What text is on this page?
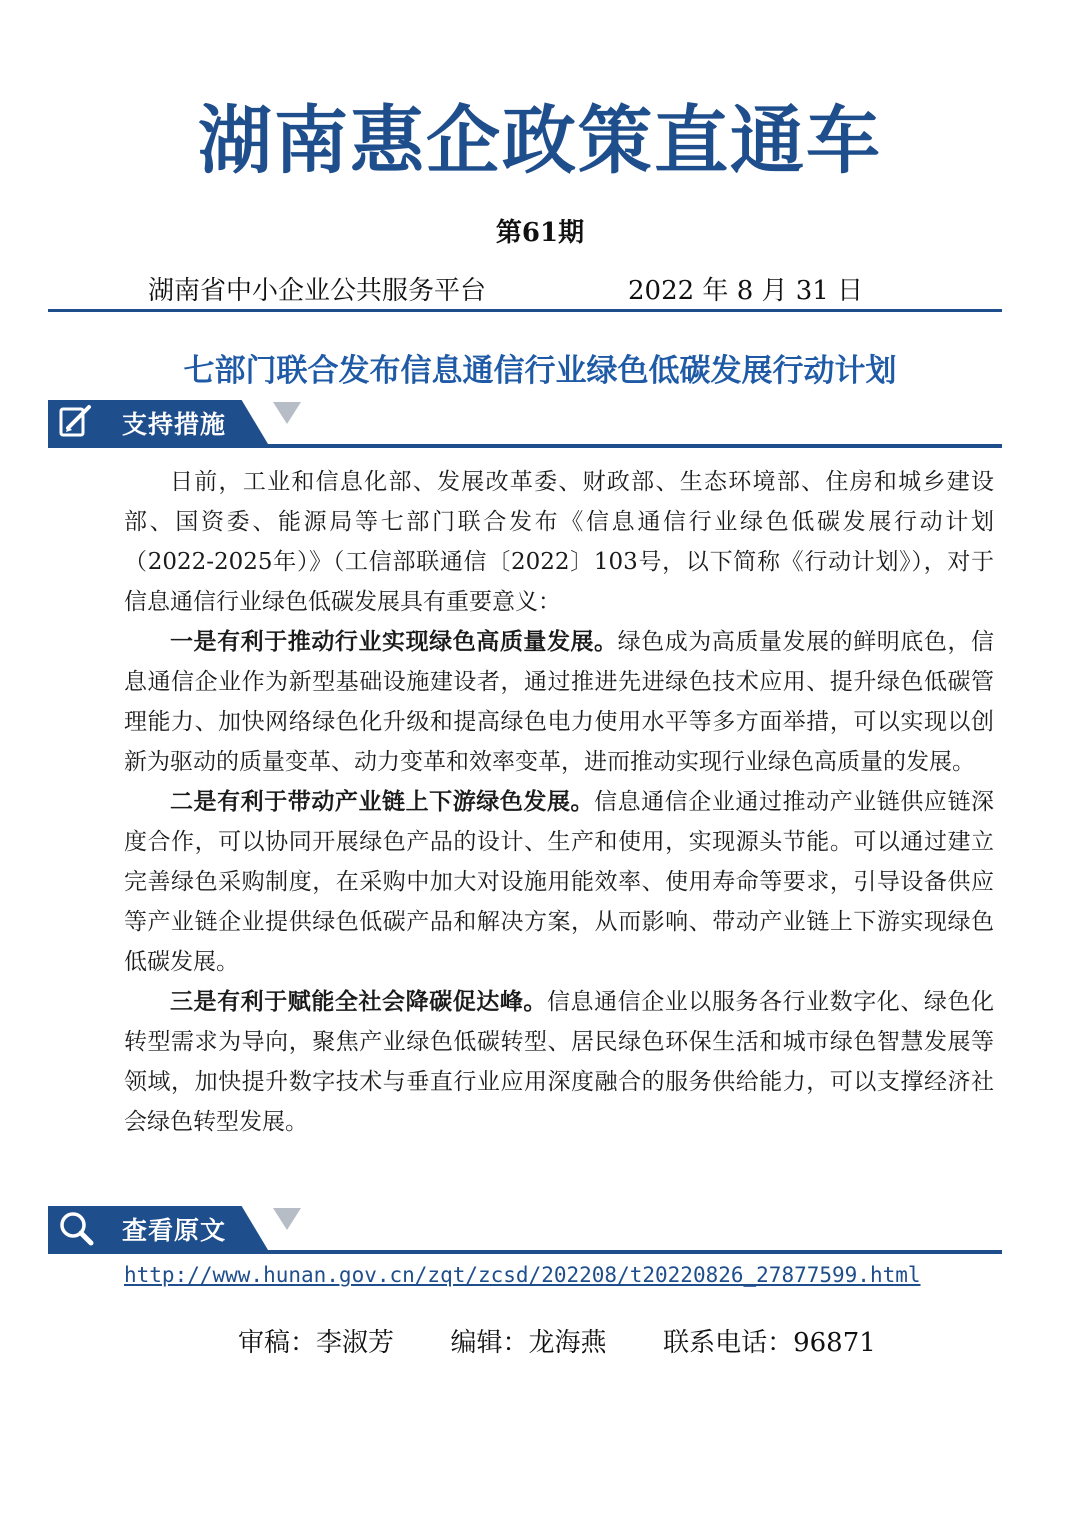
湖南惠企政策直通车
第61期
湖南省中小企业公共服务平台	2022 年 8 月 31 日
七部门联合发布信息通信行业绿色低碳发展行动计划
支持措施

日前，工业和信息化部、发展改革委、财政部、生态环境部、住房和城乡建设部、国资委、能源局等七部门联合发布《信息通信行业绿色低碳发展行动计划（2022-2025年）》（工信部联通信〔2022〕103号，以下简称《行动计划》），对于信息通信行业绿色低碳发展具有重要意义：

一是有利于推动行业实现绿色高质量发展。绿色成为高质量发展的鲜明底色，信息通信企业作为新型基础设施建设者，通过推进先进绿色技术应用、提升绿色低碳管理能力、加快网络绿色化升级和提高绿色电力使用水平等多方面举措，可以实现以创新为驱动的质量变革、动力变革和效率变革，进而推动实现行业绿色高质量的发展。

二是有利于带动产业链上下游绿色发展。信息通信企业通过推动产业链供应链深度合作，可以协同开展绿色产品的设计、生产和使用，实现源头节能。可以通过建立完善绿色采购制度，在采购中加大对设施用能效率、使用寿命等要求，引导设备供应等产业链企业提供绿色低碳产品和解决方案，从而影响、带动产业链上下游实现绿色低碳发展。

三是有利于赋能全社会降碳促达峰。信息通信企业以服务各行业数字化、绿色化转型需求为导向，聚焦产业绿色低碳转型、居民绿色环保生活和城市绿色智慧发展等领域，加快提升数字技术与垂直行业应用深度融合的服务供给能力，可以支撑经济社会绿色转型发展。

查看原文
http://www.hunan.gov.cn/zqt/zcsd/202208/t20220826_27877599.html
审稿：李淑芳 编辑：龙海燕 联系电话：96871
